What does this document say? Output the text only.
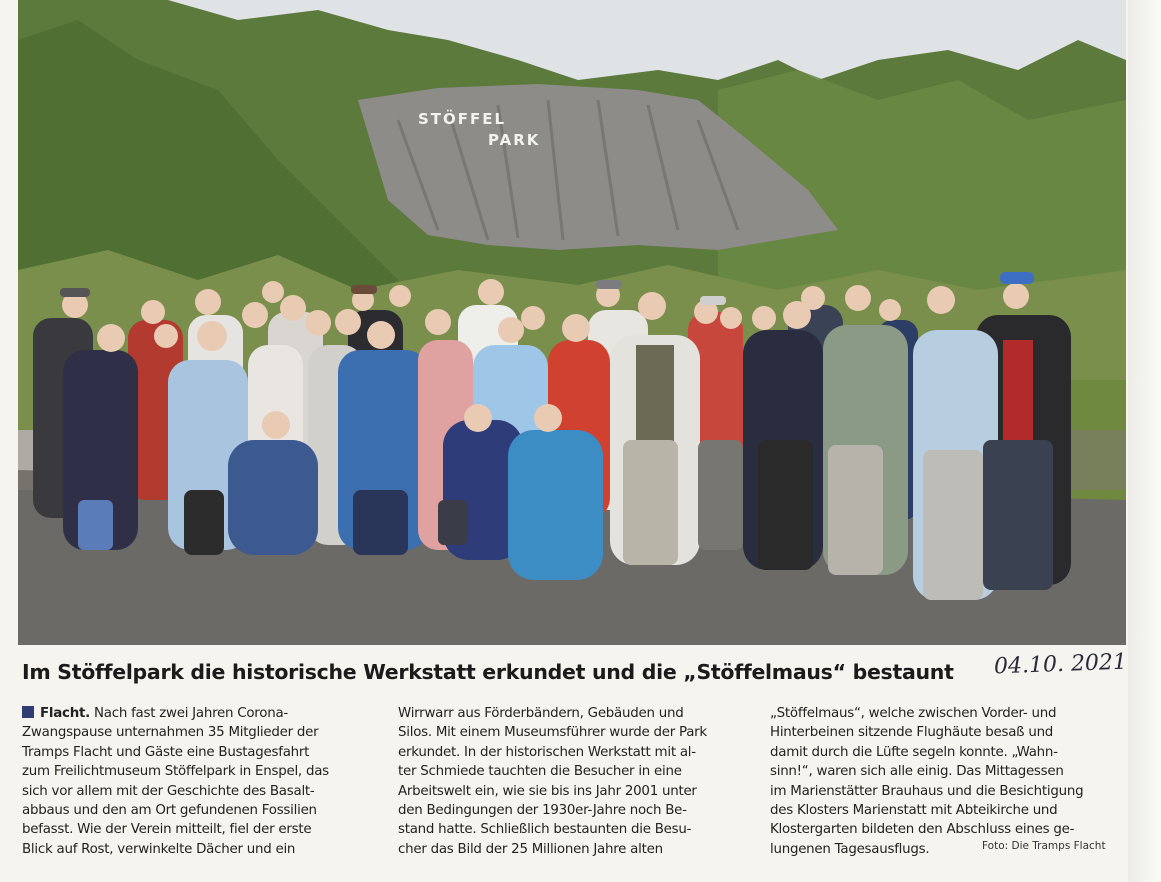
STÖFFEL
PARK
Im Stöffelpark die historische Werkstatt erkundet und die „Stöffelmaus“ bestaunt 04.10. 2021

Flacht. Nach fast zwei Jahren Corona-

Zwangspause unternahmen 35 Mitglieder der

Tramps Flacht und Gäste eine Bustagesfahrt

zum Freilichtmuseum Stöffelpark in Enspel, das

sich vor allem mit der Geschichte des Basalt-

abbaus und den am Ort gefundenen Fossilien

befasst. Wie der Verein mitteilt, fiel der erste

Blick auf Rost, verwinkelte Dächer und ein

Wirrwarr aus Förderbändern, Gebäuden und

Silos. Mit einem Museumsführer wurde der Park

erkundet. In der historischen Werkstatt mit al-

ter Schmiede tauchten die Besucher in eine

Arbeitswelt ein, wie sie bis ins Jahr 2001 unter

den Bedingungen der 1930er-Jahre noch Be-

stand hatte. Schließlich bestaunten die Besu-

cher das Bild der 25 Millionen Jahre alten

„Stöffelmaus“, welche zwischen Vorder- und

Hinterbeinen sitzende Flughäute besaß und

damit durch die Lüfte segeln konnte. „Wahn-

sinn!“, waren sich alle einig. Das Mittagessen

im Marienstätter Brauhaus und die Besichtigung

des Klosters Marienstatt mit Abteikirche und

Klostergarten bildeten den Abschluss eines ge-

lungenen Tagesausflugs.	Foto: Die Tramps Flacht
